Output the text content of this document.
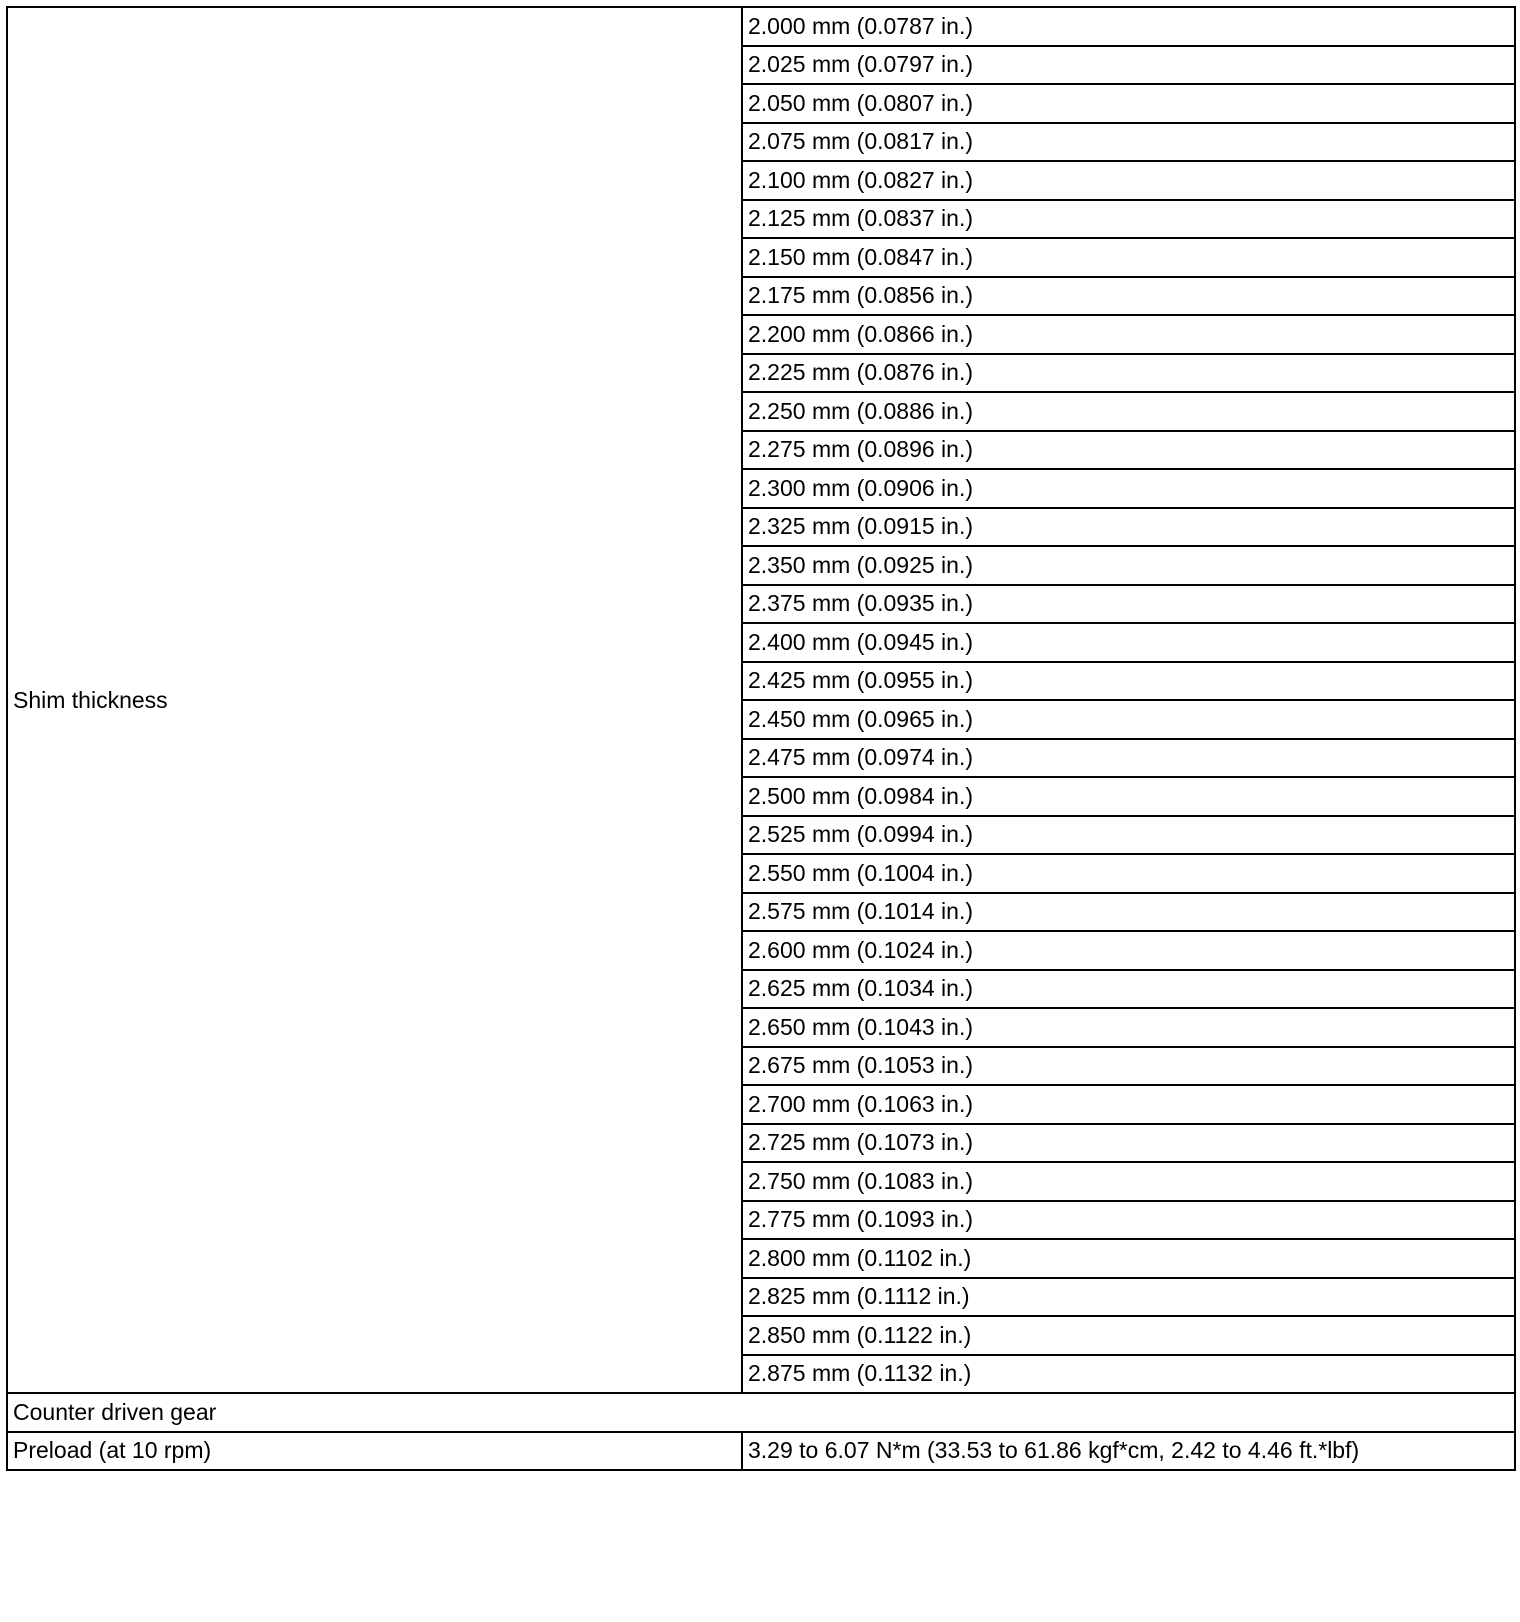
Shim thickness	2.000 mm (0.0787 in.)
	2.025 mm (0.0797 in.)
	2.050 mm (0.0807 in.)
	2.075 mm (0.0817 in.)
	2.100 mm (0.0827 in.)
	2.125 mm (0.0837 in.)
	2.150 mm (0.0847 in.)
	2.175 mm (0.0856 in.)
	2.200 mm (0.0866 in.)
	2.225 mm (0.0876 in.)
	2.250 mm (0.0886 in.)
	2.275 mm (0.0896 in.)
	2.300 mm (0.0906 in.)
	2.325 mm (0.0915 in.)
	2.350 mm (0.0925 in.)
	2.375 mm (0.0935 in.)
	2.400 mm (0.0945 in.)
	2.425 mm (0.0955 in.)
	2.450 mm (0.0965 in.)
	2.475 mm (0.0974 in.)
	2.500 mm (0.0984 in.)
	2.525 mm (0.0994 in.)
	2.550 mm (0.1004 in.)
	2.575 mm (0.1014 in.)
	2.600 mm (0.1024 in.)
	2.625 mm (0.1034 in.)
	2.650 mm (0.1043 in.)
	2.675 mm (0.1053 in.)
	2.700 mm (0.1063 in.)
	2.725 mm (0.1073 in.)
	2.750 mm (0.1083 in.)
	2.775 mm (0.1093 in.)
	2.800 mm (0.1102 in.)
	2.825 mm (0.1112 in.)
	2.850 mm (0.1122 in.)
	2.875 mm (0.1132 in.)
Counter driven gear	
Preload (at 10 rpm)	3.29 to 6.07 N*m (33.53 to 61.86 kgf*cm, 2.42 to 4.46 ft.*lbf)
